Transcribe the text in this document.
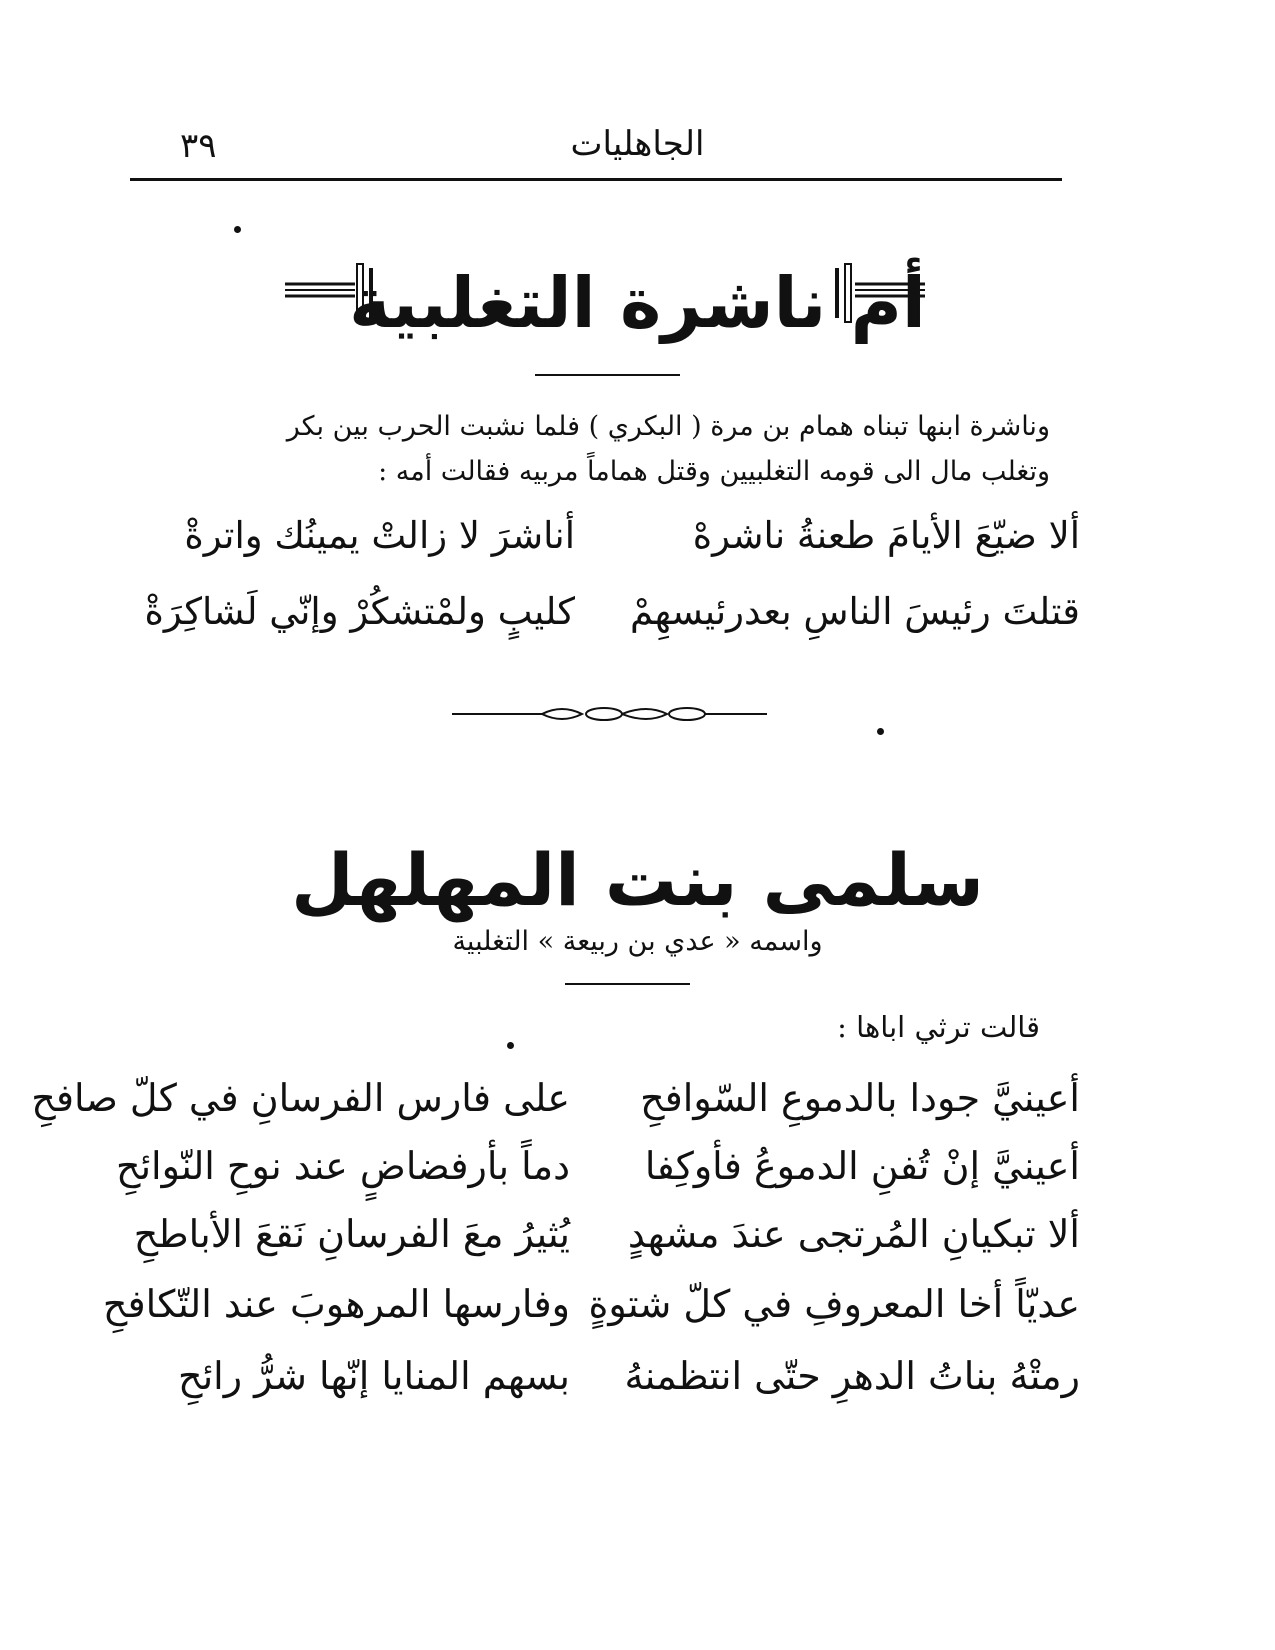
الجاهليات
٣٩
أم ناشرة التغلبية
وناشرة ابنها تبناه همام بن مرة ( البكري ) فلما نشبت الحرب بين بكر
وتغلب مال الى قومه التغلبيين وقتل هماماً مربيه فقالت أمه :
ألا ضيّعَ الأيامَ طعنةُ ناشرهْ
أناشرَ لا زالتْ يمينُك واترةْ
قتلتَ رئيسَ الناسِ بعدرئيسهِمْ
كليبٍ ولمْتشكُرْ وإنّي لَشاكِرَةْ
سلمى بنت المهلهل
واسمه « عدي بن ربيعة » التغلبية
قالت ترثي اباها :
أعينيَّ جودا بالدموعِ السّوافحِ
على فارس الفرسانِ في كلّ صافحِ
أعينيَّ إنْ تُفنِ الدموعُ فأوكِفا
دماً بأرفضاضٍ عند نوحِ النّوائحِ
ألا تبكيانِ المُرتجى عندَ مشهدٍ
يُثيرُ معَ الفرسانِ نَقعَ الأباطحِ
عديّاً أخا المعروفِ في كلّ شتوةٍ
وفارسها المرهوبَ عند التّكافحِ
رمتْهُ بناتُ الدهرِ حتّى انتظمنهُ
بسهم المنايا إنّها شرُّ رائحِ
